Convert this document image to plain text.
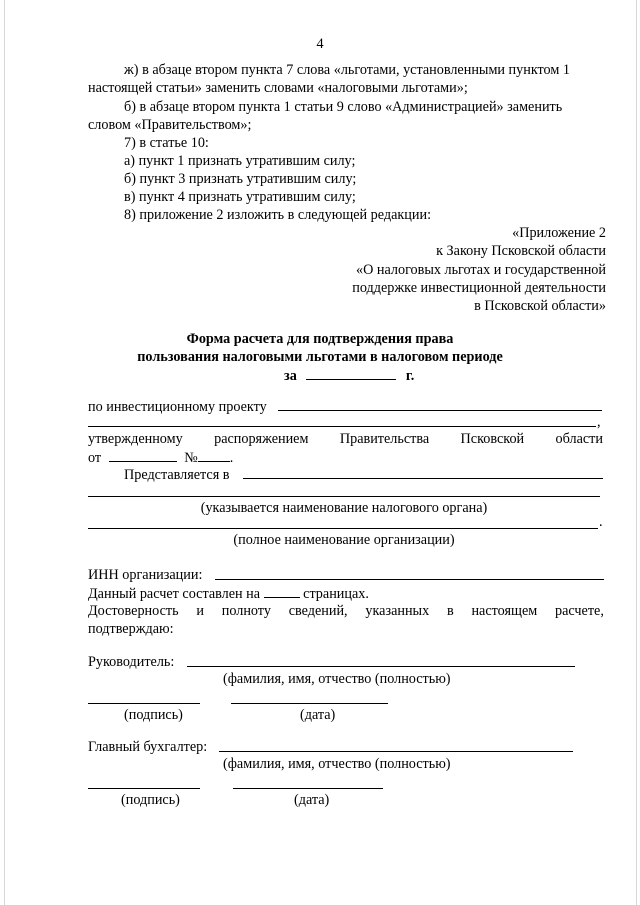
4
ж) в абзаце втором пункта 7 слова «льготами, установленными пунктом 1
настоящей статьи» заменить словами «налоговыми льготами»;
б) в абзаце втором пункта 1 статьи 9 слово «Администрацией» заменить
словом «Правительством»;
7) в статье 10:
а) пункт 1 признать утратившим силу;
б) пункт 3 признать утратившим силу;
в) пункт 4 признать утратившим силу;
8) приложение 2 изложить в следующей редакции:
«Приложение 2
к Закону Псковской области
«О налоговых льготах и государственной
поддержке инвестиционной деятельности
в Псковской области»
Форма расчета для подтверждения права
пользования налоговыми льготами в налоговом периоде
за	г.
по инвестиционному проекту
,
утвержденному распоряжением Правительства Псковской области
от	№ .
Представляется в
(указывается наименование налогового органа)
.
(полное наименование организации)
ИНН организации:
Данный расчет составлен на	страницах.
Достоверность и полноту сведений, указанных в настоящем расчете,
подтверждаю:
Руководитель:
(фамилия, имя, отчество (полностью)
(подпись)	(дата)
Главный бухгалтер:
(фамилия, имя, отчество (полностью)
(подпись)	(дата)
